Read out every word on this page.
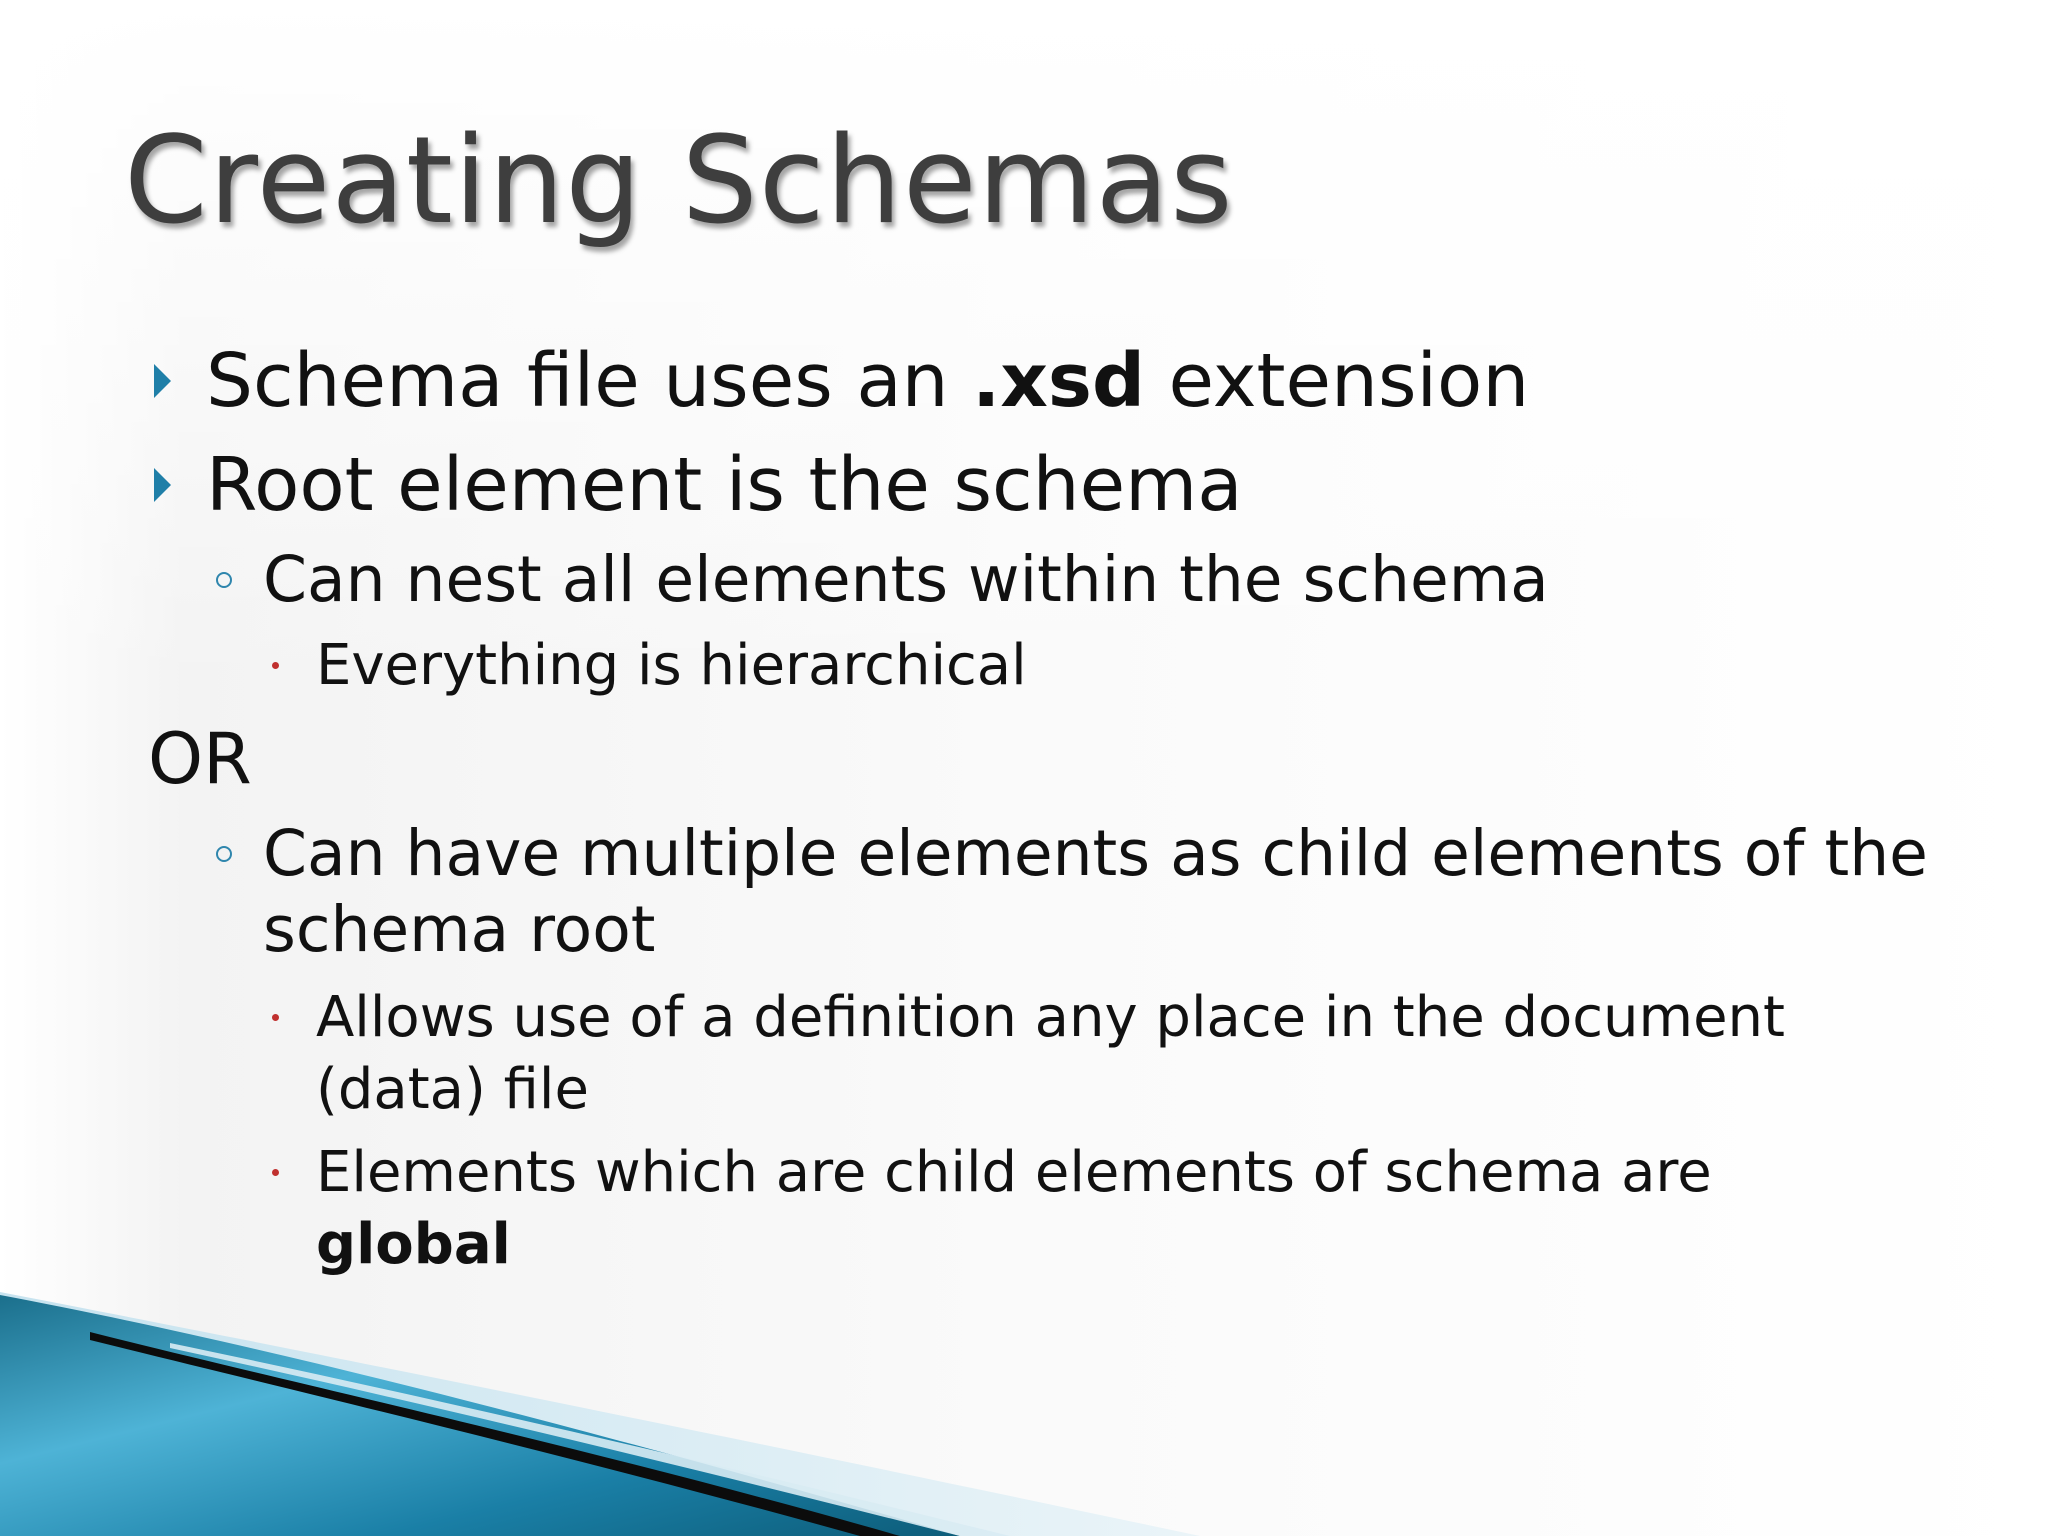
Creating Schemas
Schema file uses an .xsd extension
Root element is the schema
Can nest all elements within the schema
Everything is hierarchical
OR
Can have multiple elements as child elements of the
schema root
Allows use of a definition any place in the document
(data) file
Elements which are child elements of schema are
global
